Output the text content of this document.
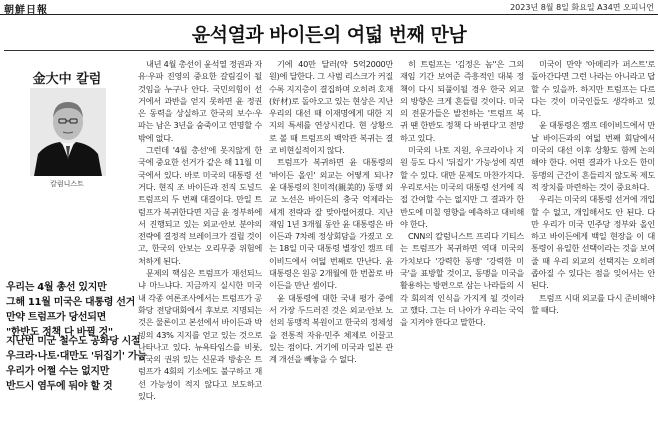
朝鮮日報	2023년 8월 8일 화요일 A34면 오피니언
윤석열과 바이든의 여덟 번째 만남
金大中 칼럼
칼럼니스트
우리는 4월 총선 있지만
그해 11월 미국은 대통령 선거
만약 트럼프가 당선되면
"한반도 정책 다 바뀔 것"
지난번 미군 철수도 공화당 시절
우크라·나토·대만도 '뒤집기' 가능
우리가 어쩔 수는 없지만
반드시 염두에 둬야 할 것

내년 4월 총선이 윤석열 정권과 자유·우파 진영의 중요한 갈림길이 될 것임을 누구나 안다. 국민의힘이 선거에서 과반을 얻지 못하면 윤 정권은 동력을 상실하고 한국의 보수·우파는 남은 3년을 숨죽이고 연명할 수밖에 없다.

그런데 '4월 총선'에 못지않게 한국에 중요한 선거가 같은 해 11월 미국에서 있다. 바로 미국의 대통령 선거다. 현직 조 바이든과 전직 도널드 트럼프의 두 번째 대결이다. 만일 트럼프가 복귀한다면 지금 윤 정부하에서 진행되고 있는 외교·안보 분야의 전략에 결정적 브레이크가 걸릴 것이고, 한국의 안보는 오리무중 위험에 처하게 된다.

문제의 핵심은 트럼프가 재선되느냐 마느냐다. 지금까지 실시한 미국 내 각종 여론조사에서는 트럼프가 공화당 전당대회에서 후보로 지명되는 것은 물론이고 본선에서 바이든과 박빙의 43% 지지를 얻고 있는 것으로 나타나고 있다. 뉴욕타임스를 비롯, 미국의 권위 있는 신문과 방송은 트럼프가 4회의 기소에도 불구하고 재선 가능성이 적지 않다고 보도하고 있다.

기에 40만 달러(약 5억2000만 원)에 달한다. 그 사범 리스크가 커질수록 지지층이 결집하며 오히려 호재(好材)로 돌아오고 있는 현상은 지난 우리의 대선 때 이재명에게 대한 지지의 특세를 연상시킨다. 현 상황으로 볼 때 트럼프의 백악관 복귀는 결코 비현실적이지 않다.

트럼프가 복귀하면 윤 대통령의 '바이든 올인' 외교는 어떻게 되나? 윤 대통령의 친미적(親美的) 동맹 외교 노선은 바이든의 충국 억제라는 세계 전략과 잘 맞아떨어졌다. 지난 재임 1년 3개월 동안 윤 대통령은 바이든과 7차례 정상회담을 가졌고 오는 18일 미국 대통령 별장인 캠프 데이비드에서 여덟 번째로 만난다. 윤 대통령은 원공 2개월에 한 번꼴로 바이든을 만난 셈이다.

윤 대통령에 대한 국내 평가 중에서 가장 두드러진 것은 외교·안보 노선의 동맹적 복원이고 한국의 정체성을 전통적 자유·민주 체제로 이끌고 있는 점이다. 거기에 미국과 일본 관계 개선을 빼놓을 수 없다.

히 트럼프는 '김정은 놈''은 그의 재임 기간 보여준 즉흥적인 대북 정책이 다시 되풀이될 경우 한국 외교의 방향은 크게 흔들릴 것이다. 미국의 전문가들은 발전하는 '트럼프 복귀 땐 한반도 정책 다 바뀐다'고 전망하고 있다.

미국의 나토 지원, 우크라이나 지원 등도 다시 '뒤집기' 가능성에 직면할 수 있다. 대만 문제도 마찬가지다. 우리로서는 미국의 대통령 선거에 직접 간여할 수는 없지만 그 결과가 한반도에 미칠 영향을 예측하고 대비해야 한다.

CNN의 칼럼니스트 프리다 기티스는 트럼프가 복귀하면 역대 미국의 가치보다 '강력한 동맹' '강력한 미국'을 표방할 것이고, 동맹을 미국을 활용하는 방편으로 삼는 나라들의 시각 회의적 인식을 가지게 될 것이라고 했다. 그는 더 나아가 우리는 국익을 지켜야 한다고 말한다.

미국이 만약 '아메리카 퍼스트'로 돌아간다면 그런 나라는 아니라고 답할 수 있을까. 하지만 트럼프는 다르다는 것이 미국인들도 생각하고 있다.

윤 대통령은 캠프 데이비드에서 만날 바이든과의 여덟 번째 회담에서 미국의 대선 이후 상황도 함께 논의해야 한다. 어떤 결과가 나오든 한미 동맹의 근간이 흔들리지 않도록 제도적 장치를 마련하는 것이 중요하다.

우리는 미국의 대통령 선거에 개입할 수 없고, 개입해서도 안 된다. 다만 우리가 미국 민주당 정부와 올인하고 바이든에게 백일 현장을 이 대통령이 유일한 선택이라는 것을 보여줄 때 우리 외교의 선택지는 오히려 좁아질 수 있다는 점을 잊어서는 안 된다.

트럼프 시대 외교를 다시 준비해야 할 때다.
